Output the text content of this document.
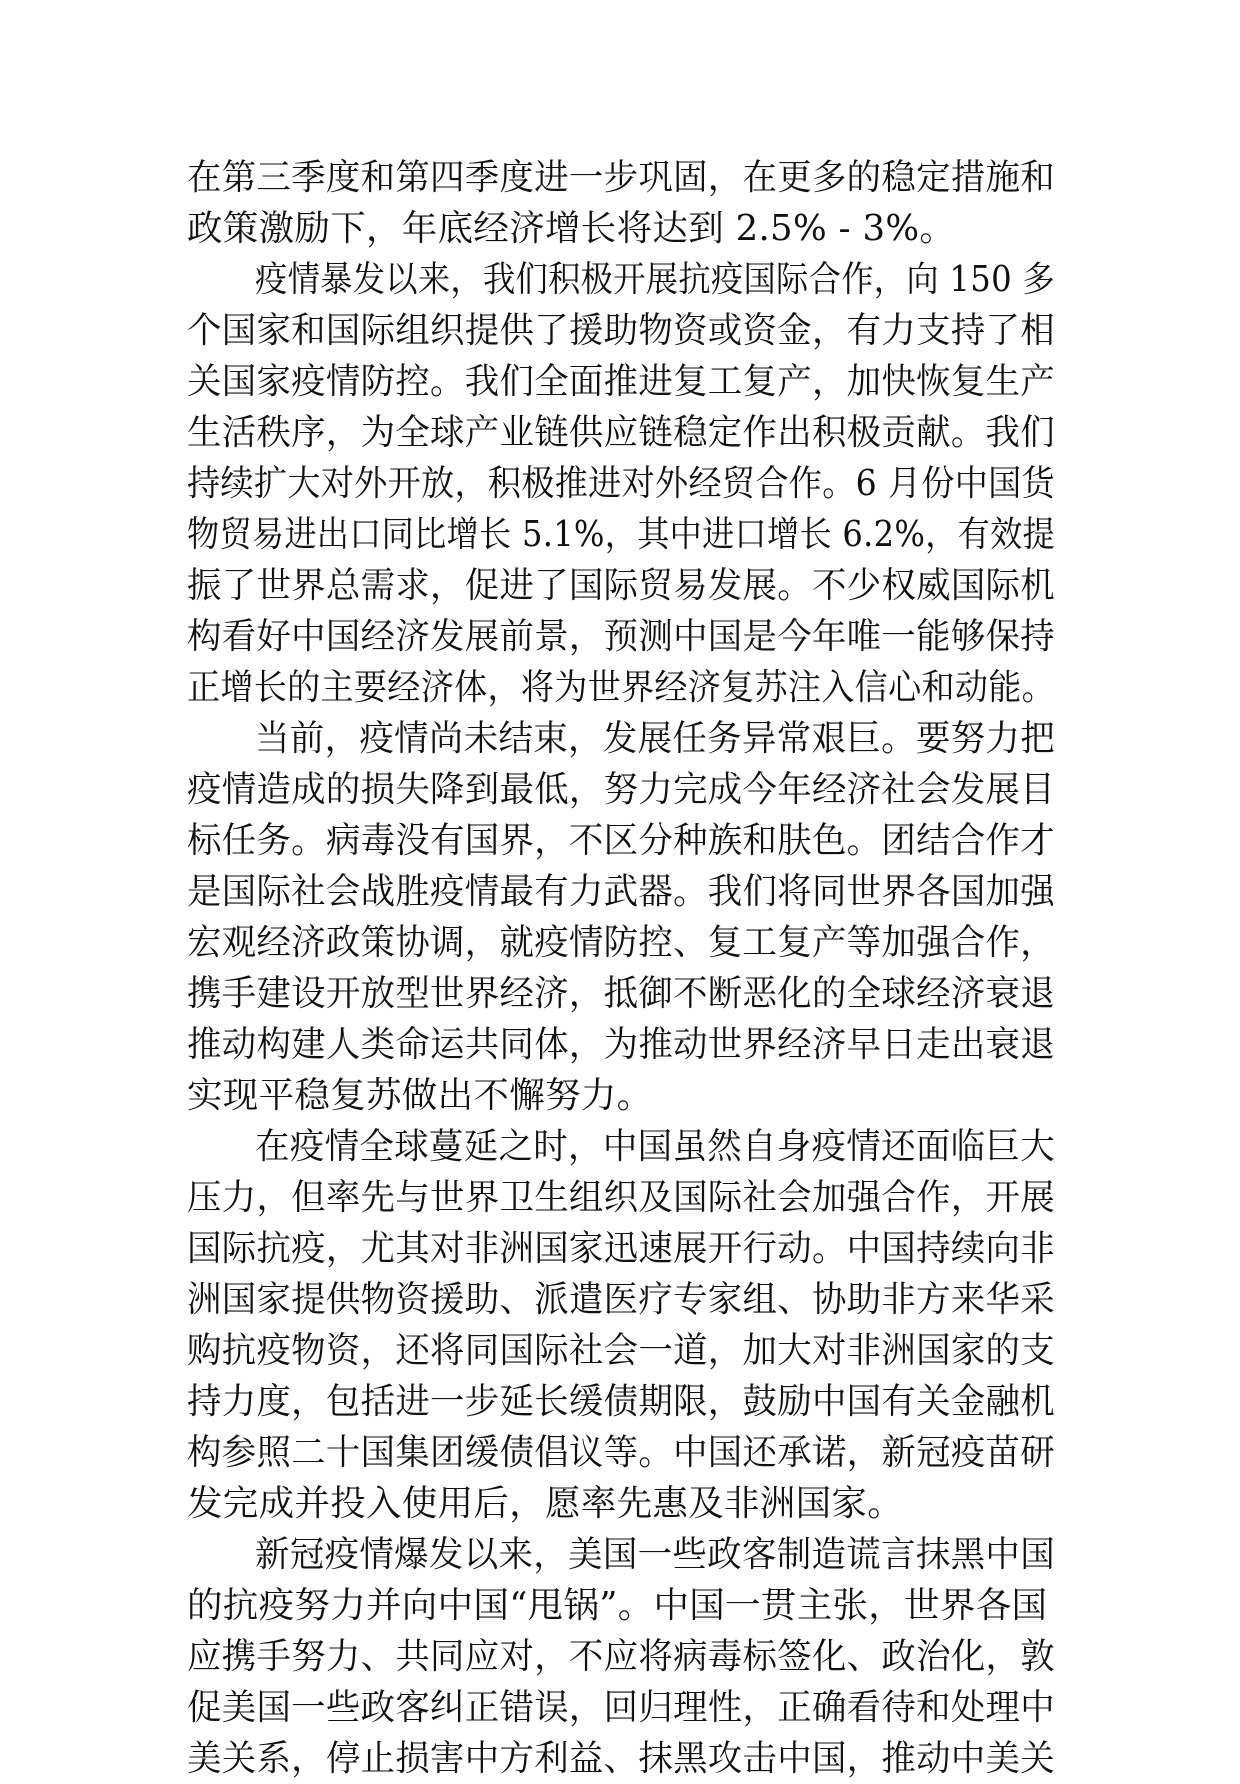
在第三季度和第四季度进一步巩固，在更多的稳定措施和
政策激励下，年底经济增长将达到 2.5% - 3%。
疫情暴发以来，我们积极开展抗疫国际合作，向 150 多
个国家和国际组织提供了援助物资或资金，有力支持了相
关国家疫情防控。我们全面推进复工复产，加快恢复生产
生活秩序，为全球产业链供应链稳定作出积极贡献。我们
持续扩大对外开放，积极推进对外经贸合作。6 月份中国货
物贸易进出口同比增长 5.1%，其中进口增长 6.2%，有效提
振了世界总需求，促进了国际贸易发展。不少权威国际机
构看好中国经济发展前景，预测中国是今年唯一能够保持
正增长的主要经济体，将为世界经济复苏注入信心和动能。
当前，疫情尚未结束，发展任务异常艰巨。要努力把
疫情造成的损失降到最低，努力完成今年经济社会发展目
标任务。病毒没有国界，不区分种族和肤色。团结合作才
是国际社会战胜疫情最有力武器。我们将同世界各国加强
宏观经济政策协调，就疫情防控、复工复产等加强合作，
携手建设开放型世界经济，抵御不断恶化的全球经济衰退
推动构建人类命运共同体，为推动世界经济早日走出衰退
实现平稳复苏做出不懈努力。
在疫情全球蔓延之时，中国虽然自身疫情还面临巨大
压力，但率先与世界卫生组织及国际社会加强合作，开展
国际抗疫，尤其对非洲国家迅速展开行动。中国持续向非
洲国家提供物资援助、派遣医疗专家组、协助非方来华采
购抗疫物资，还将同国际社会一道，加大对非洲国家的支
持力度，包括进一步延长缓债期限，鼓励中国有关金融机
构参照二十国集团缓债倡议等。中国还承诺，新冠疫苗研
发完成并投入使用后，愿率先惠及非洲国家。
新冠疫情爆发以来，美国一些政客制造谎言抹黑中国
的抗疫努力并向中国“甩锅”。中国一贯主张，世界各国
应携手努力、共同应对，不应将病毒标签化、政治化，敦
促美国一些政客纠正错误，回归理性，正确看待和处理中
美关系，停止损害中方利益、抹黑攻击中国，推动中美关
